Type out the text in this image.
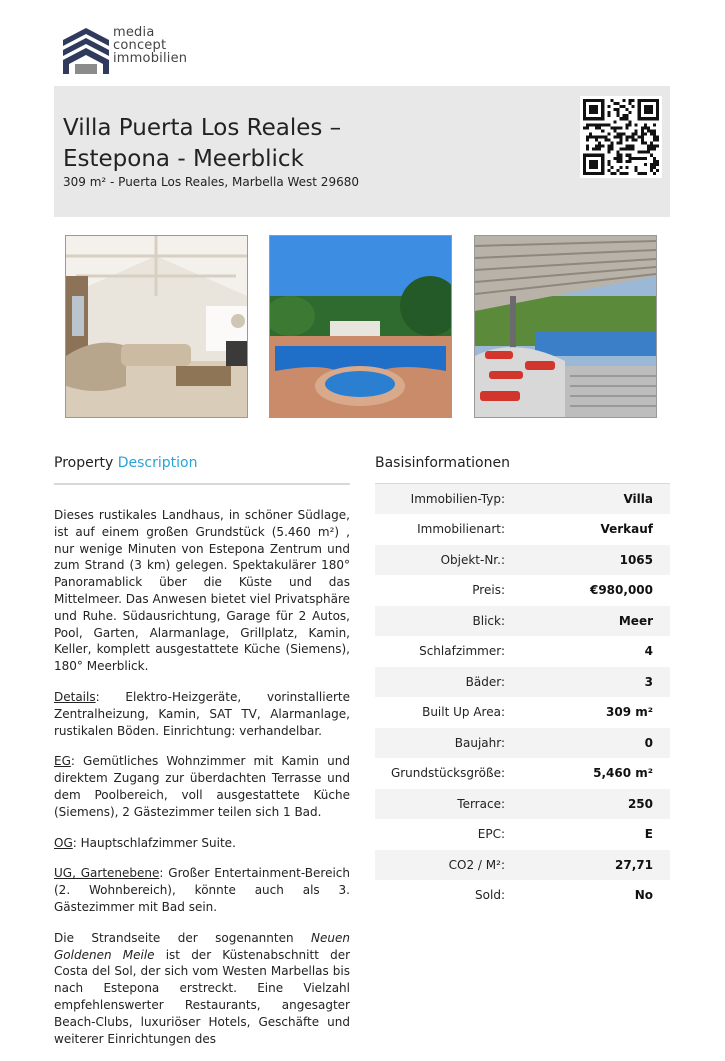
media
concept
immobilien
Villa Puerta Los Reales – Estepona - Meerblick
309 m² - Puerta Los Reales, Marbella West 29680
Property Description

Dieses rustikales Landhaus, in schöner Südlage, ist auf einem großen Grundstück (5.460 m²) , nur wenige Minuten von Estepona Zentrum und zum Strand (3 km) gelegen. Spektakulärer 180° Panoramablick über die Küste und das Mittelmeer. Das Anwesen bietet viel Privatsphäre und Ruhe. Südausrichtung, Garage für 2 Autos, Pool, Garten, Alarmanlage, Grillplatz, Kamin, Keller, komplett ausgestattete Küche (Siemens), 180° Meerblick.

Details: Elektro-Heizgeräte, vorinstallierte Zentralheizung, Kamin, SAT TV, Alarmanlage, rustikalen Böden. Einrichtung: verhandelbar.

EG: Gemütliches Wohnzimmer mit Kamin und direktem Zugang zur überdachten Terrasse und dem Poolbereich, voll ausgestattete Küche (Siemens), 2 Gästezimmer teilen sich 1 Bad.

OG: Hauptschlafzimmer Suite.

UG, Gartenebene: Großer Entertainment-Bereich (2. Wohnbereich), könnte auch als 3. Gästezimmer mit Bad sein.

Die Strandseite der sogenannten Neuen Goldenen Meile ist der Küstenabschnitt der Costa del Sol, der sich vom Westen Marbellas bis nach Estepona erstreckt. Eine Vielzahl empfehlenswerter Restaurants, angesagter Beach-Clubs, luxuriöser Hotels, Geschäfte und weiterer Einrichtungen des

Basisinformationen
Immobilien-Typ:	Villa
Immobilienart:	Verkauf
Objekt-Nr.:	1065
Preis:	€980,000
Blick:	Meer
Schlafzimmer:	4
Bäder:	3
Built Up Area:	309 m²
Baujahr:	0
Grundstücksgröße:	5,460 m²
Terrace:	250
EPC:	E
CO2 / M²:	27,71
Sold:	No
